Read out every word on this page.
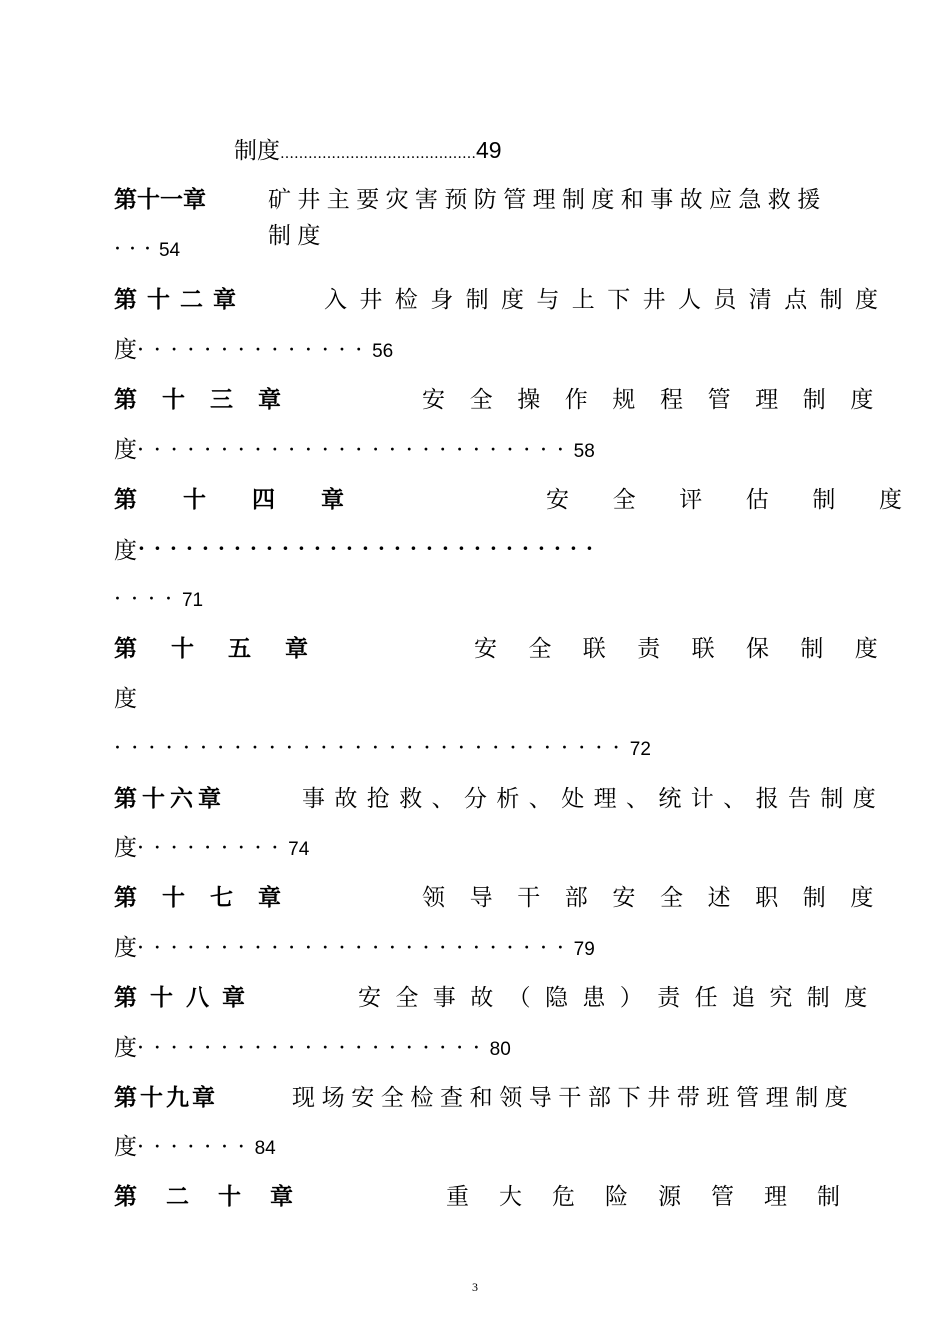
制度……………………………………49
第十一章	矿井主要灾害预防管理制度和事故应急救援制度
···54
第十二章	入井检身制度与上下井人员清点制度
度··············56
第十三章	安全操作规程管理制度
度··························58
第十四章	安全评估制度
度·····························
····71
第十五章	安全联责联保制度
度
······························72
第十六章	事故抢救、分析、处理、统计、报告制度
度·········74
第十七章	领导干部安全述职制度
度··························79
第十八章	安全事故（隐患）责任追究制度
度·····················80
第十九章	现场安全检查和领导干部下井带班管理制度
度·······84
第二十章	重大危险源管理制
3
